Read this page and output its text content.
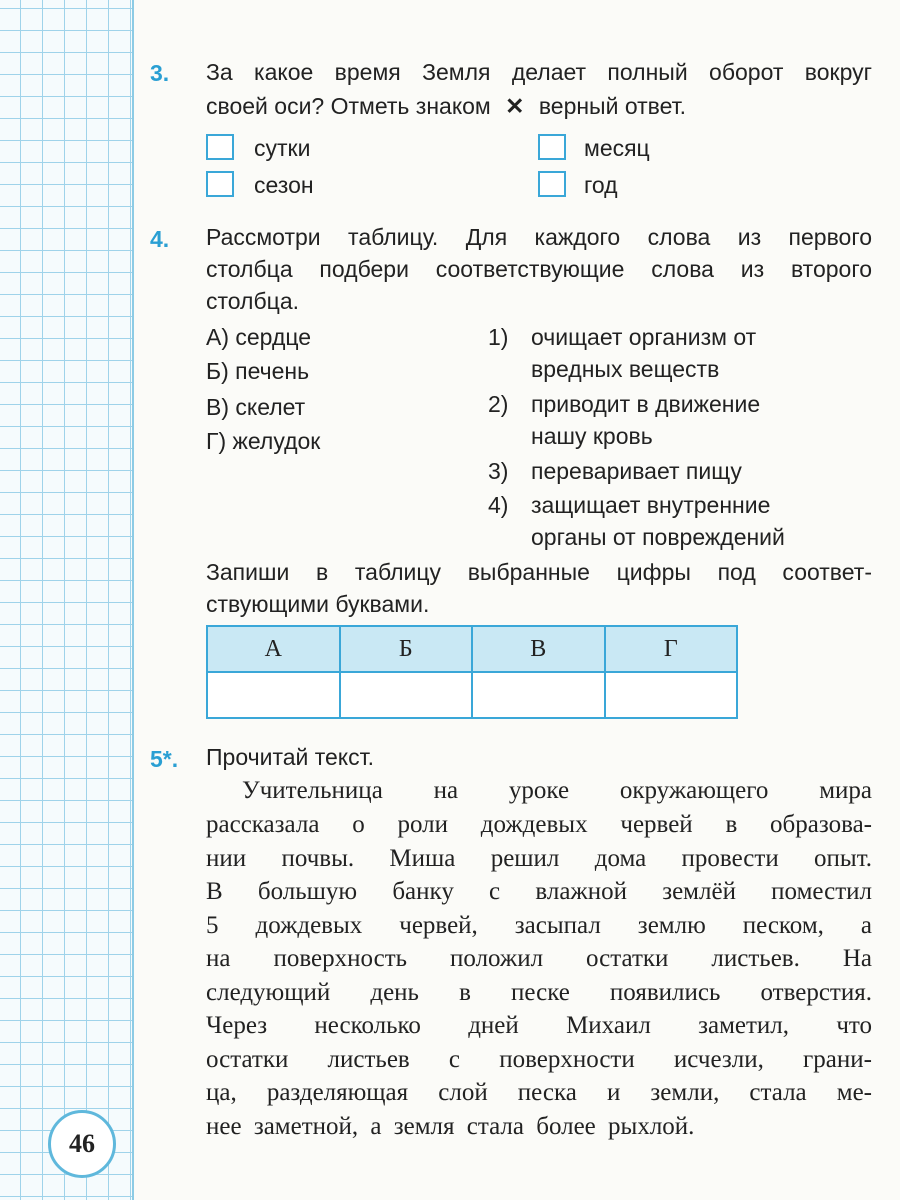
46
3. За какое время Земля делает полный оборот вокруг
своей оси? Отметь знаком ✕ верный ответ.
сутки
сезон
месяц
год
4. Рассмотри таблицу. Для каждого слова из первого
столбца подбери соответствующие слова из второго
столбца.
А) сердце
Б) печень
В) скелет
Г) желудок
1) очищает организм от
вредных веществ
2) приводит в движение
нашу кровь
3) переваривает пищу
4) защищает внутренние
органы от повреждений
Запиши в таблицу выбранные цифры под соответ-
ствующими буквами.
А	Б	В	Г

5*. Прочитай текст.
Учительница на уроке окружающего мира
рассказала о роли дождевых червей в образова-
нии почвы. Миша решил дома провести опыт.
В большую банку с влажной землёй поместил
5 дождевых червей, засыпал землю песком, а
на поверхность положил остатки листьев. На
следующий день в песке появились отверстия.
Через несколько дней Михаил заметил, что
остатки листьев с поверхности исчезли, грани-
ца, разделяющая слой песка и земли, стала ме-
нее заметной, а земля стала более рыхлой.
